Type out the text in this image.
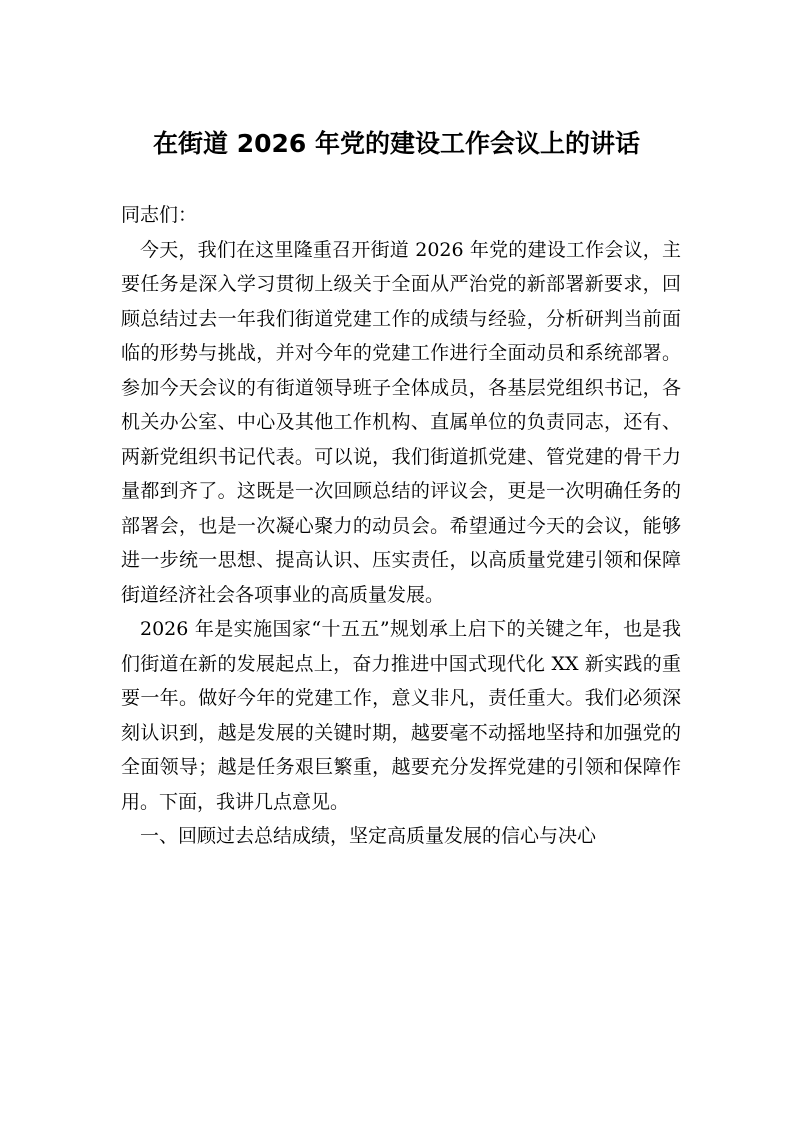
在街道 2026 年党的建设工作会议上的讲话

同志们：

今天，我们在这里隆重召开街道 2026 年党的建设工作会议，主要任务是深入学习贯彻上级关于全面从严治党的新部署新要求，回顾总结过去一年我们街道党建工作的成绩与经验，分析研判当前面临的形势与挑战，并对今年的党建工作进行全面动员和系统部署。参加今天会议的有街道领导班子全体成员，各基层党组织书记，各机关办公室、中心及其他工作机构、直属单位的负责同志，还有、两新党组织书记代表。可以说，我们街道抓党建、管党建的骨干力量都到齐了。这既是一次回顾总结的评议会，更是一次明确任务的部署会，也是一次凝心聚力的动员会。希望通过今天的会议，能够进一步统一思想、提高认识、压实责任，以高质量党建引领和保障街道经济社会各项事业的高质量发展。

2026 年是实施国家“十五五”规划承上启下的关键之年，也是我们街道在新的发展起点上，奋力推进中国式现代化 XX 新实践的重要一年。做好今年的党建工作，意义非凡，责任重大。我们必须深刻认识到，越是发展的关键时期，越要毫不动摇地坚持和加强党的全面领导；越是任务艰巨繁重，越要充分发挥党建的引领和保障作用。下面，我讲几点意见。

一、回顾过去总结成绩，坚定高质量发展的信心与决心
